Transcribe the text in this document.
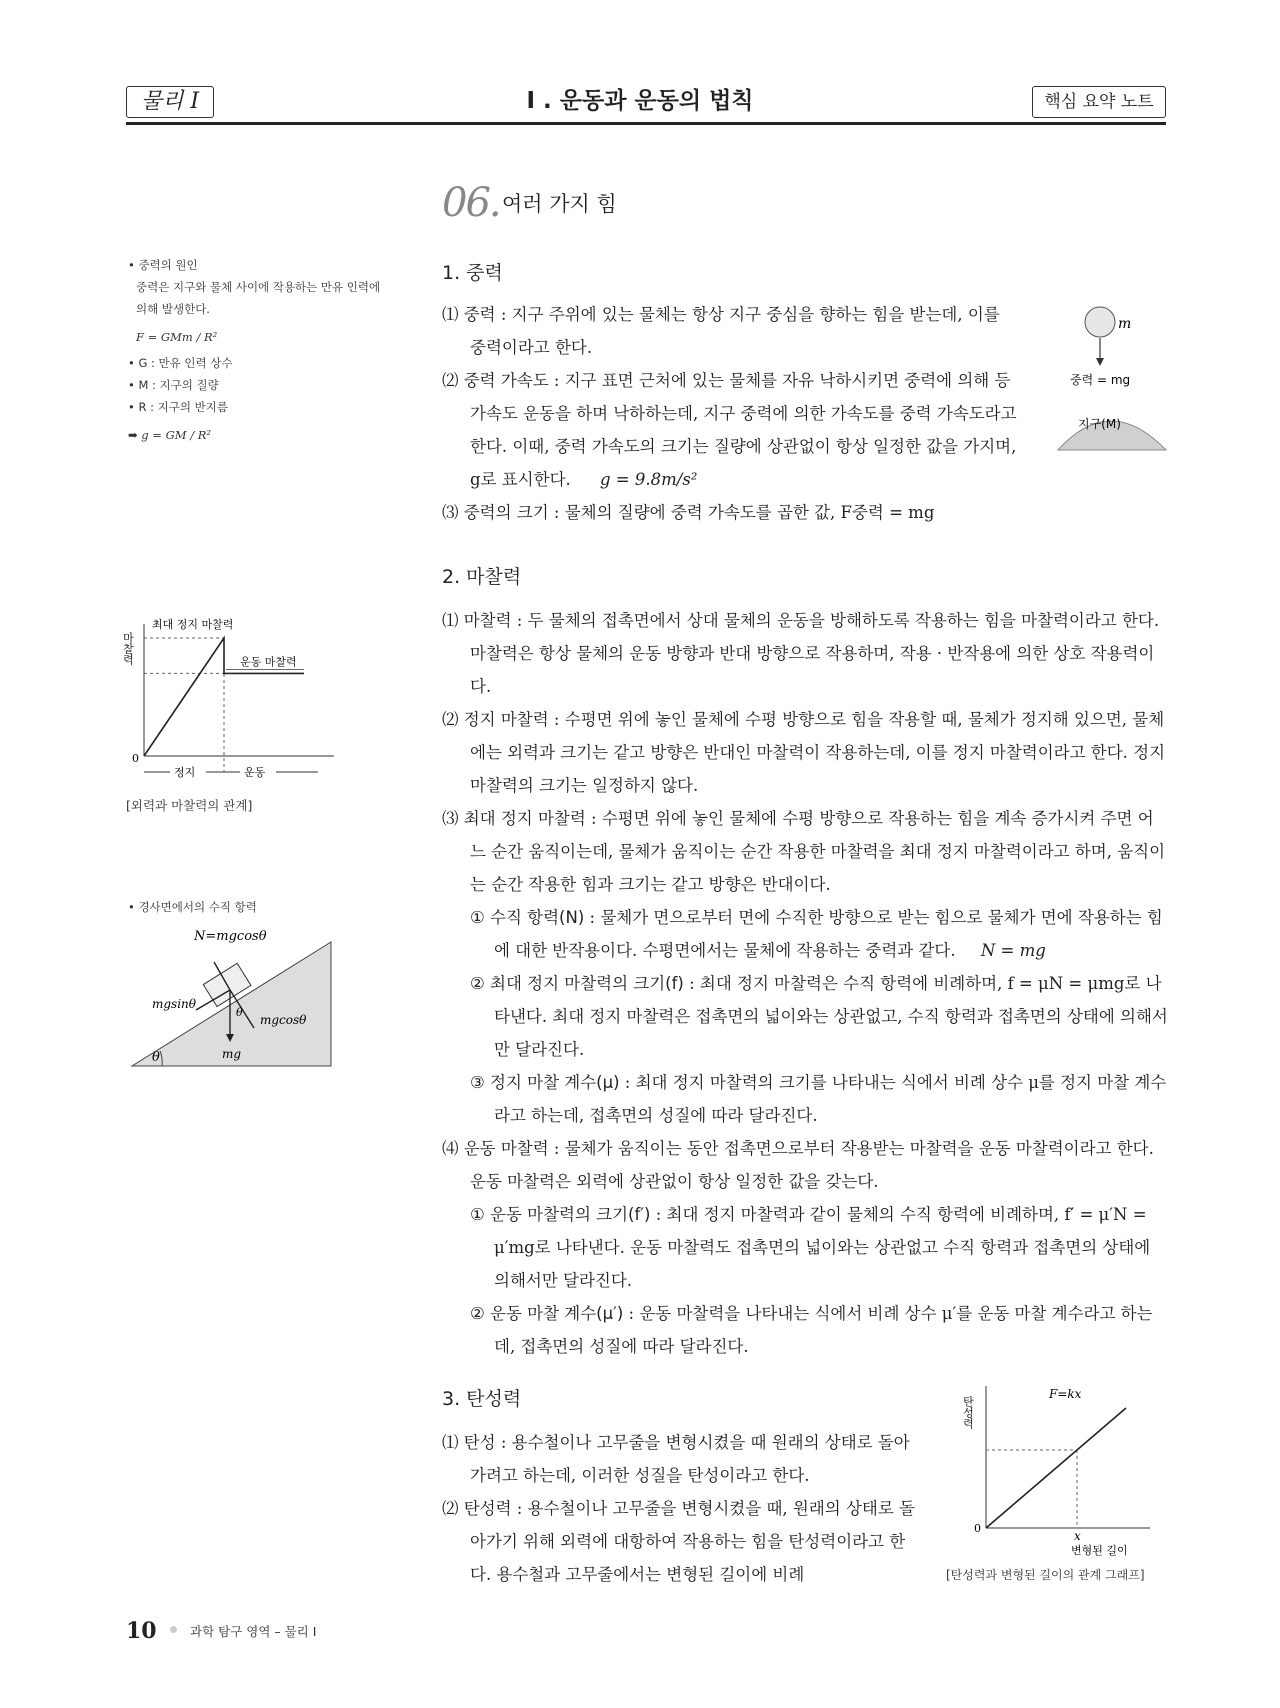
물리 I	I . 운동과 운동의 법칙	핵심 요약 노트
06. 여러 가지 힘

• 중력의 원인

중력은 지구와 물체 사이에 작용하는 만유 인력에 의해 발생한다.

F = GMm / R²

• G : 만유 인력 상수

• M : 지구의 질량

• R : 지구의 반지름

➡ g = GM / R²

마찰력
0
최대 정지 마찰력
운동 마찰력
정지	운동
[외력과 마찰력의 관계]
• 경사면에서의 수직 항력
θ
N=mgcosθ
mgsinθ
mgcosθ
mg
θ
1. 중력

⑴ 중력 : 지구 주위에 있는 물체는 항상 지구 중심을 향하는 힘을 받는데, 이를 중력이라고 한다.

⑵ 중력 가속도 : 지구 표면 근처에 있는 물체를 자유 낙하시키면 중력에 의해 등가속도 운동을 하며 낙하하는데, 지구 중력에 의한 가속도를 중력 가속도라고 한다. 이때, 중력 가속도의 크기는 질량에 상관없이 항상 일정한 값을 가지며, g로 표시한다. g = 9.8m/s²

⑶ 중력의 크기 : 물체의 질량에 중력 가속도를 곱한 값, F중력 = mg

m
중력 = mg
지구(M)
2. 마찰력

⑴ 마찰력 : 두 물체의 접촉면에서 상대 물체의 운동을 방해하도록 작용하는 힘을 마찰력이라고 한다. 마찰력은 항상 물체의 운동 방향과 반대 방향으로 작용하며, 작용 · 반작용에 의한 상호 작용력이다.

⑵ 정지 마찰력 : 수평면 위에 놓인 물체에 수평 방향으로 힘을 작용할 때, 물체가 정지해 있으면, 물체에는 외력과 크기는 같고 방향은 반대인 마찰력이 작용하는데, 이를 정지 마찰력이라고 한다. 정지 마찰력의 크기는 일정하지 않다.

⑶ 최대 정지 마찰력 : 수평면 위에 놓인 물체에 수평 방향으로 작용하는 힘을 계속 증가시켜 주면 어느 순간 움직이는데, 물체가 움직이는 순간 작용한 마찰력을 최대 정지 마찰력이라고 하며, 움직이는 순간 작용한 힘과 크기는 같고 방향은 반대이다.

① 수직 항력(N) : 물체가 면으로부터 면에 수직한 방향으로 받는 힘으로 물체가 면에 작용하는 힘에 대한 반작용이다. 수평면에서는 물체에 작용하는 중력과 같다. N = mg

② 최대 정지 마찰력의 크기(f) : 최대 정지 마찰력은 수직 항력에 비례하며, f = μN = μmg로 나타낸다. 최대 정지 마찰력은 접촉면의 넓이와는 상관없고, 수직 항력과 접촉면의 상태에 의해서만 달라진다.

③ 정지 마찰 계수(μ) : 최대 정지 마찰력의 크기를 나타내는 식에서 비례 상수 μ를 정지 마찰 계수라고 하는데, 접촉면의 성질에 따라 달라진다.

⑷ 운동 마찰력 : 물체가 움직이는 동안 접촉면으로부터 작용받는 마찰력을 운동 마찰력이라고 한다. 운동 마찰력은 외력에 상관없이 항상 일정한 값을 갖는다.

① 운동 마찰력의 크기(f′) : 최대 정지 마찰력과 같이 물체의 수직 항력에 비례하며, f′ = μ′N = μ′mg로 나타낸다. 운동 마찰력도 접촉면의 넓이와는 상관없고 수직 항력과 접촉면의 상태에 의해서만 달라진다.

② 운동 마찰 계수(μ′) : 운동 마찰력을 나타내는 식에서 비례 상수 μ′를 운동 마찰 계수라고 하는데, 접촉면의 성질에 따라 달라진다.

3. 탄성력

⑴ 탄성 : 용수철이나 고무줄을 변형시켰을 때 원래의 상태로 돌아가려고 하는데, 이러한 성질을 탄성이라고 한다.

⑵ 탄성력 : 용수철이나 고무줄을 변형시켰을 때, 원래의 상태로 돌아가기 위해 외력에 대항하여 작용하는 힘을 탄성력이라고 한다. 용수철과 고무줄에서는 변형된 길이에 비례

탄성력
0
F=kx
x
변형된 길이
[탄성력과 변형된 길이의 관계 그래프]
10	과학 탐구 영역 – 물리 I
